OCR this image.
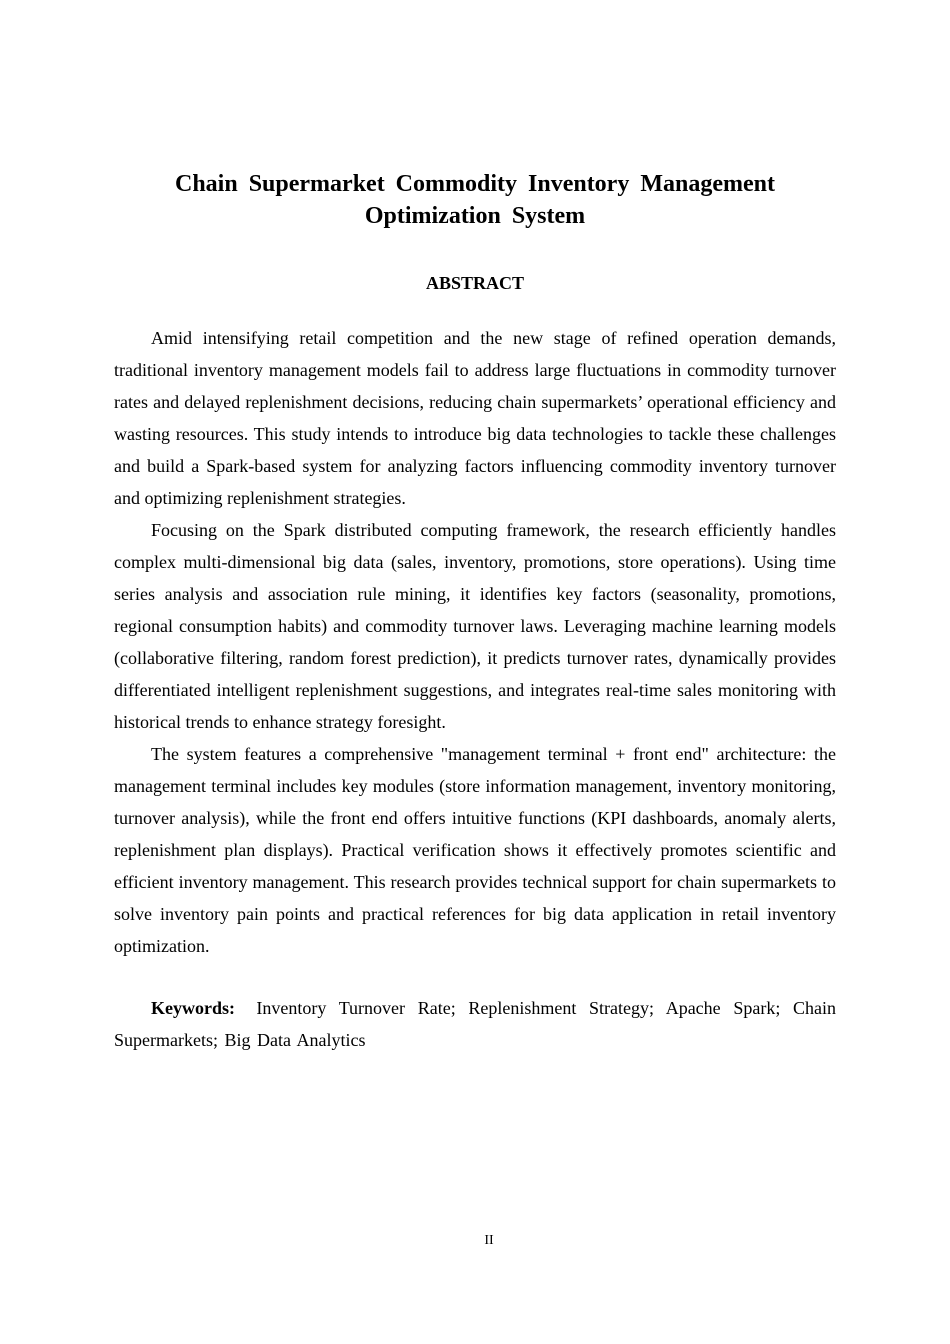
Chain Supermarket Commodity Inventory Management Optimization System
ABSTRACT

Amid intensifying retail competition and the new stage of refined operation demands, traditional inventory management models fail to address large fluctuations in commodity turnover rates and delayed replenishment decisions, reducing chain supermarkets’ operational efficiency and wasting resources. This study intends to introduce big data technologies to tackle these challenges and build a Spark-based system for analyzing factors influencing commodity inventory turnover and optimizing replenishment strategies.

Focusing on the Spark distributed computing framework, the research efficiently handles complex multi-dimensional big data (sales, inventory, promotions, store operations). Using time series analysis and association rule mining, it identifies key factors (seasonality, promotions, regional consumption habits) and commodity turnover laws. Leveraging machine learning models (collaborative filtering, random forest prediction), it predicts turnover rates, dynamically provides differentiated intelligent replenishment suggestions, and integrates real-time sales monitoring with historical trends to enhance strategy foresight.

The system features a comprehensive "management terminal + front end" architecture: the management terminal includes key modules (store information management, inventory monitoring, turnover analysis), while the front end offers intuitive functions (KPI dashboards, anomaly alerts, replenishment plan displays). Practical verification shows it effectively promotes scientific and efficient inventory management. This research provides technical support for chain supermarkets to solve inventory pain points and practical references for big data application in retail inventory optimization.

Keywords: Inventory Turnover Rate; Replenishment Strategy; Apache Spark; Chain Supermarkets; Big Data Analytics

II
